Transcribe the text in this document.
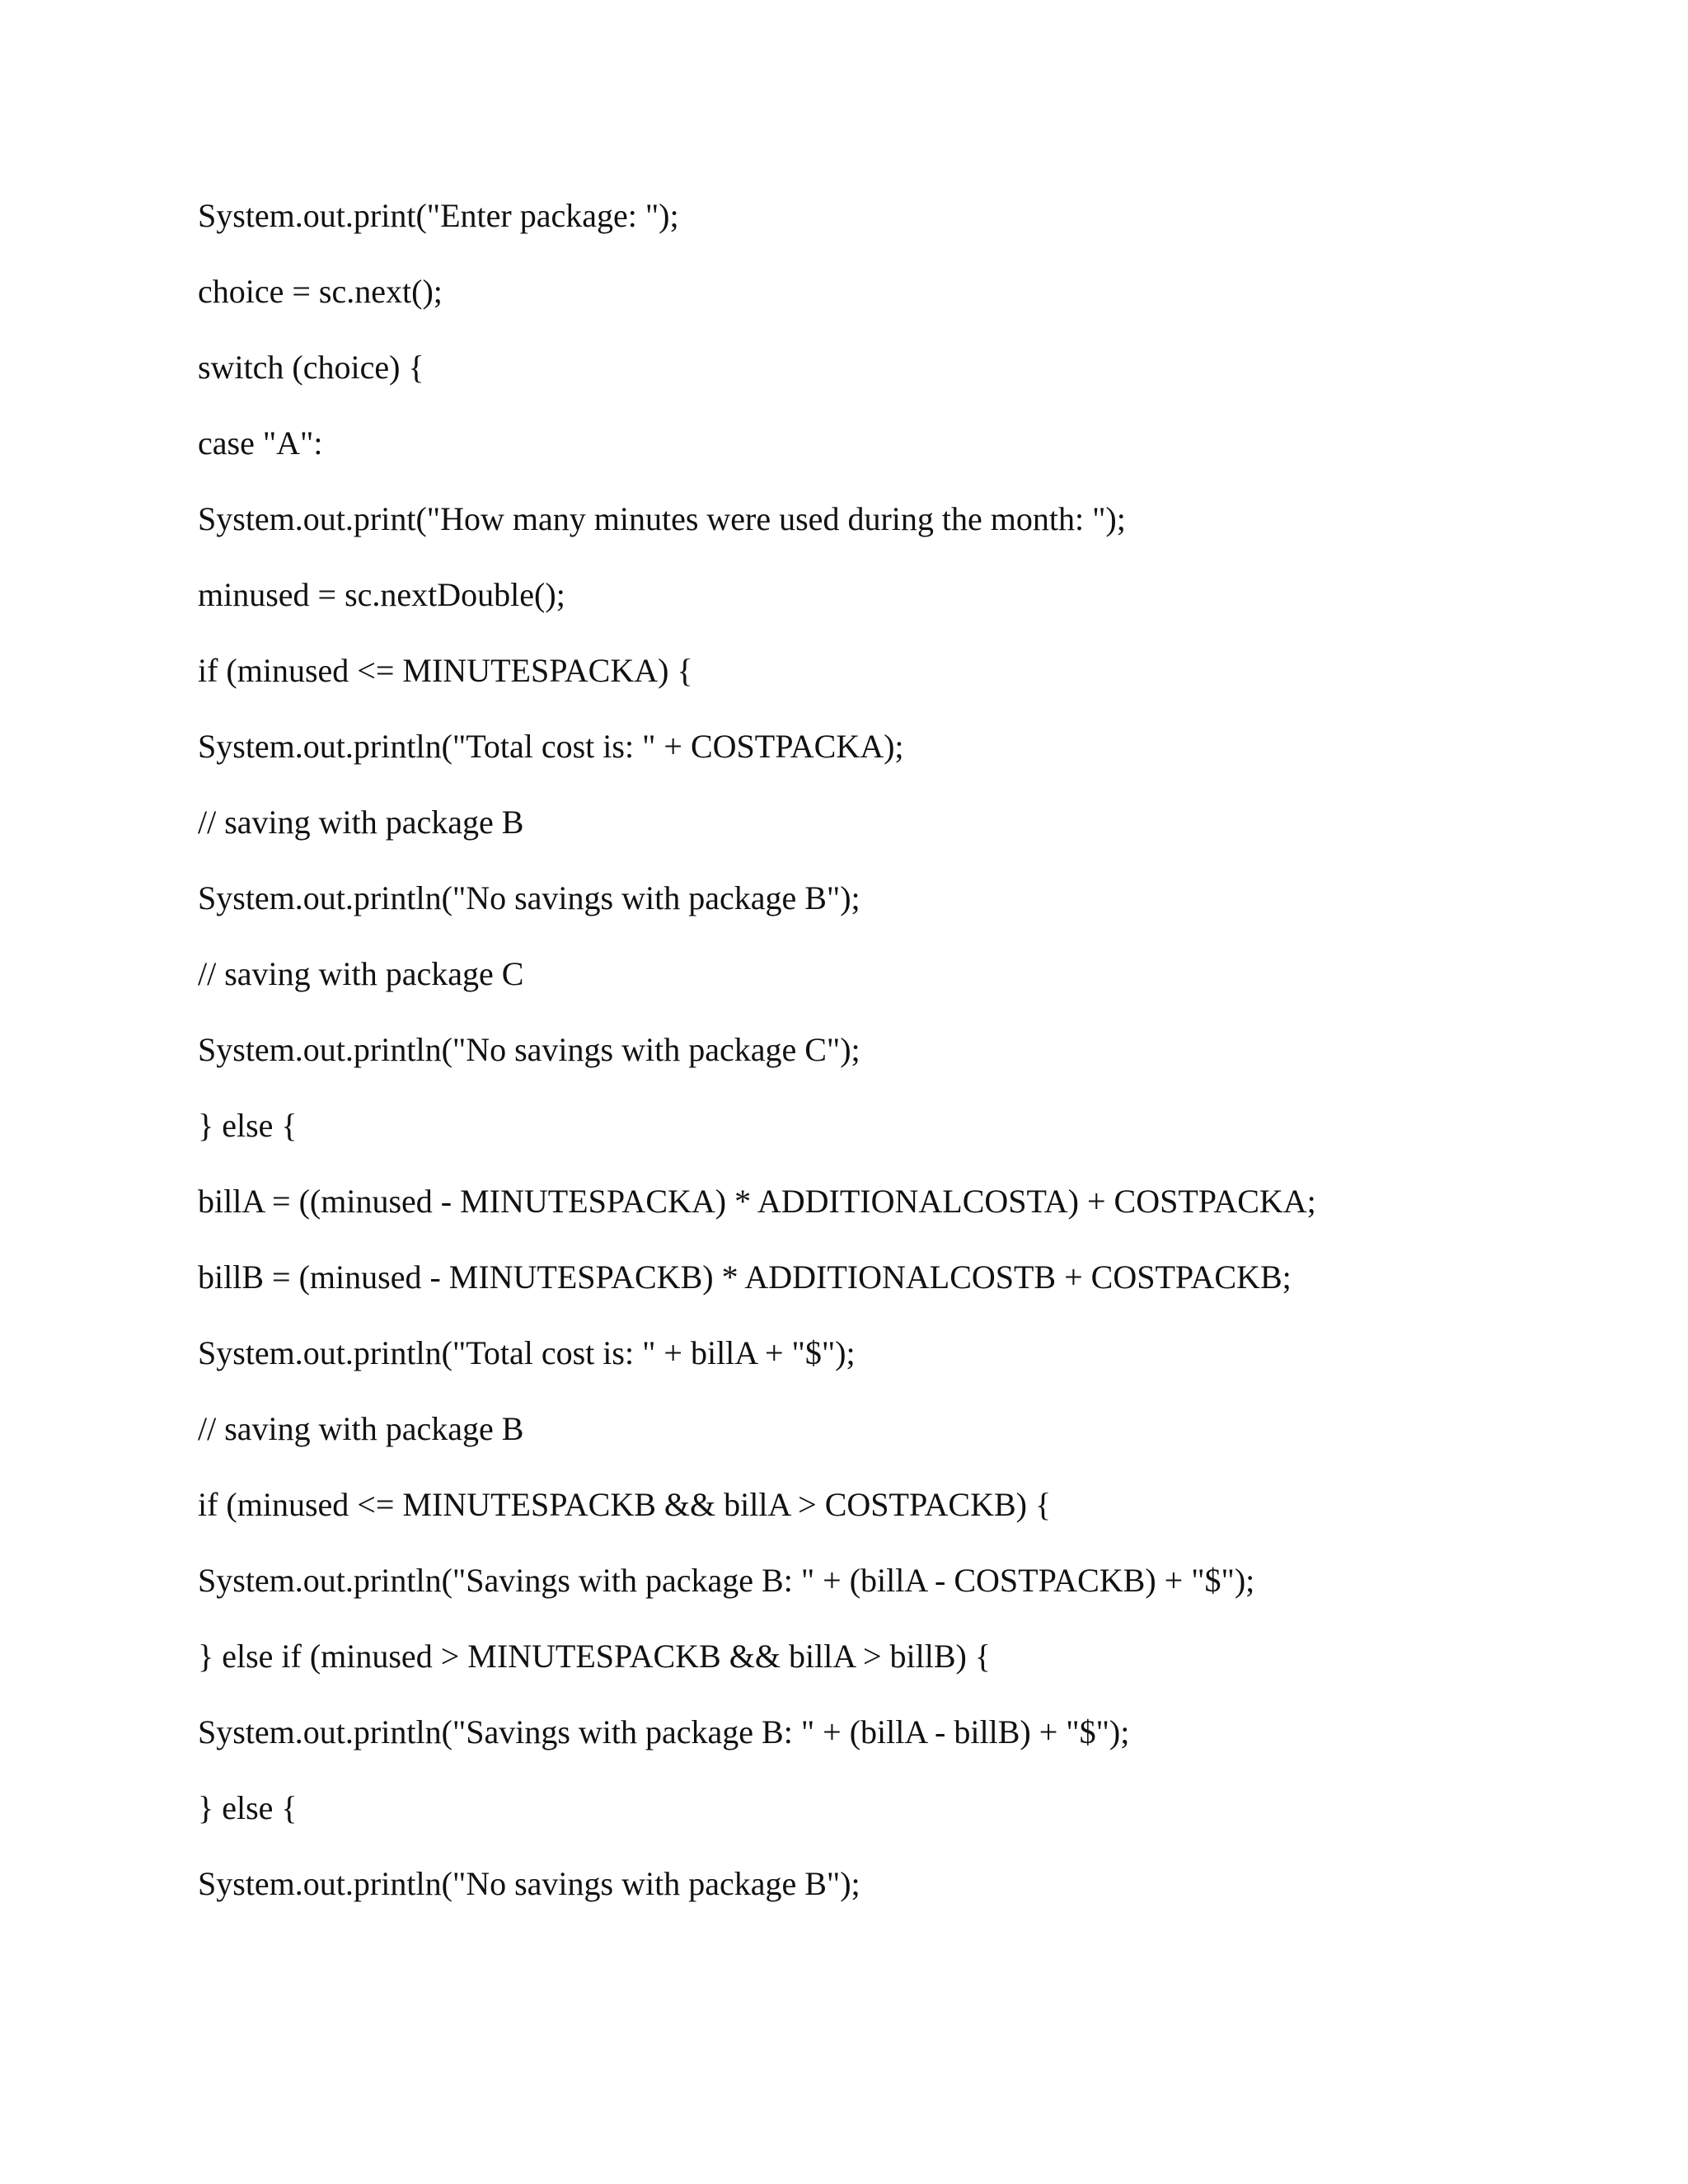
System.out.print("Enter package: ");
choice = sc.next();
switch (choice) {
case "A":
System.out.print("How many minutes were used during the month: ");
minused = sc.nextDouble();
if (minused <= MINUTESPACKA) {
System.out.println("Total cost is: " + COSTPACKA);
// saving with package B
System.out.println("No savings with package B");
// saving with package C
System.out.println("No savings with package C");
} else {
billA = ((minused - MINUTESPACKA) * ADDITIONALCOSTA) + COSTPACKA;
billB = (minused - MINUTESPACKB) * ADDITIONALCOSTB + COSTPACKB;
System.out.println("Total cost is: " + billA + "$");
// saving with package B
if (minused <= MINUTESPACKB && billA > COSTPACKB) {
System.out.println("Savings with package B: " + (billA - COSTPACKB) + "$");
} else if (minused > MINUTESPACKB && billA > billB) {
System.out.println("Savings with package B: " + (billA - billB) + "$");
} else {
System.out.println("No savings with package B");
